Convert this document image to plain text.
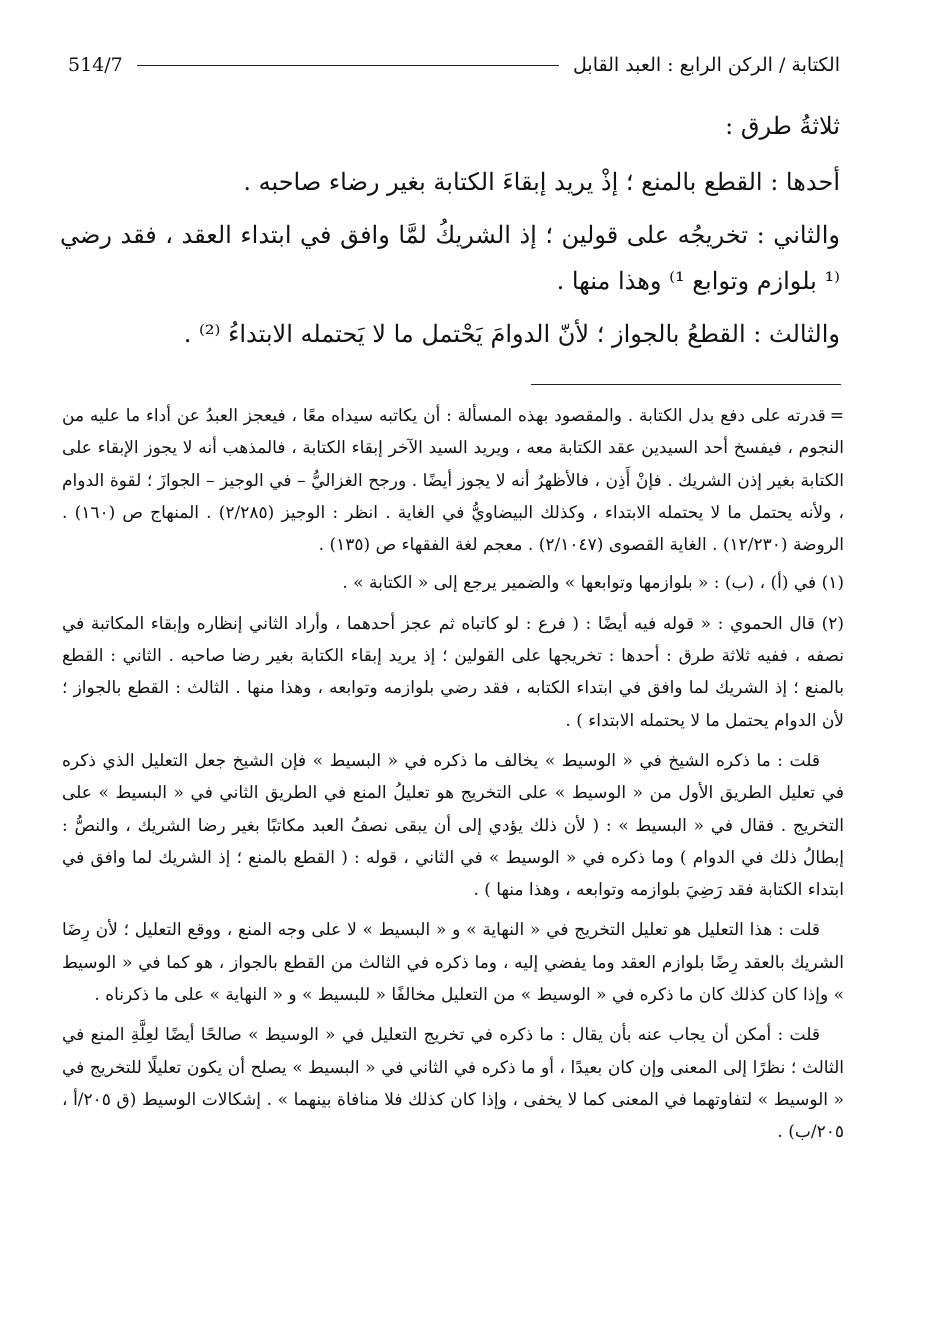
الكتابة / الركن الرابع : العبد القابل
514/7

ثلاثةُ طرق :

أحدها : القطع بالمنع ؛ إذْ يريد إبقاءَ الكتابة بغير رضاء صاحبه .

والثاني : تخريجُه على قولين ؛ إذ الشريكُ لمَّا وافق في ابتداء العقد ، فقد رضي ⁽¹ بلوازم وتوابع ¹⁾ وهذا منها .

والثالث : القطعُ بالجواز ؛ لأنّ الدوامَ يَحْتمل ما لا يَحتمله الابتداءُ ⁽²⁾ .

=قدرته على دفع بدل الكتابة . والمقصود بهذه المسألة : أن يكاتبه سيداه معًا ، فيعجز العبدُ عن أداء ما عليه من النجوم ، فيفسخ أحد السيدين عقد الكتابة معه ، ويريد السيد الآخر إبقاء الكتابة ، فالمذهب أنه لا يجوز الإبقاء على الكتابة بغير إذن الشريك . فإنْ أَذِن ، فالأظهرُ أنه لا يجوز أيضًا . ورجح الغزاليُّ – في الوجيز – الجوازَ ؛ لقوة الدوام ، ولأنه يحتمل ما لا يحتمله الابتداء ، وكذلك البيضاويُّ في الغاية . انظر : الوجيز (٢/٢٨٥) . المنهاج ص (١٦٠) . الروضة (١٢/٢٣٠) . الغاية القصوى (٢/١٠٤٧) . معجم لغة الفقهاء ص (١٣٥) .

(١) في (أ) ، (ب) : « بلوازمها وتوابعها » والضمير يرجع إلى « الكتابة » .

(٢) قال الحموي : « قوله فيه أيضًا : ( فرع : لو كاتباه ثم عجز أحدهما ، وأراد الثاني إنظاره وإبقاء المكاتبة في نصفه ، ففيه ثلاثة طرق : أحدها : تخريجها على القولين ؛ إذ يريد إبقاء الكتابة بغير رضا صاحبه . الثاني : القطع بالمنع ؛ إذ الشريك لما وافق في ابتداء الكتابه ، فقد رضي بلوازمه وتوابعه ، وهذا منها . الثالث : القطع بالجواز ؛ لأن الدوام يحتمل ما لا يحتمله الابتداء ) .

قلت : ما ذكره الشيخ في « الوسيط » يخالف ما ذكره في « البسيط » فإن الشيخ جعل التعليل الذي ذكره في تعليل الطريق الأول من « الوسيط » على التخريج هو تعليلُ المنع في الطريق الثاني في « البسيط » على التخريج . فقال في « البسيط » : ( لأن ذلك يؤدي إلى أن يبقى نصفُ العبد مكاتبًا بغير رضا الشريك ، والنصُّ : إبطالُ ذلك في الدوام ) وما ذكره في « الوسيط » في الثاني ، قوله : ( القطع بالمنع ؛ إذ الشريك لما وافق في ابتداء الكتابة فقد رَضِيَ بلوازمه وتوابعه ، وهذا منها ) .

قلت : هذا التعليل هو تعليل التخريج في « النهاية » و « البسيط » لا على وجه المنع ، ووقع التعليل ؛ لأن رِضَا الشريك بالعقد رِضًا بلوازم العقد وما يفضي إليه ، وما ذكره في الثالث من القطع بالجواز ، هو كما في « الوسيط » وإذا كان كذلك كان ما ذكره في « الوسيط » من التعليل مخالفًا « للبسيط » و « النهاية » على ما ذكرناه .

قلت : أمكن أن يجاب عنه بأن يقال : ما ذكره في تخريج التعليل في « الوسيط » صالحًا أيضًا لعِلَّةِ المنع في الثالث ؛ نظرًا إلى المعنى وإن كان بعيدًا ، أو ما ذكره في الثاني في « البسيط » يصلح أن يكون تعليلًا للتخريج في « الوسيط » لتفاوتهما في المعنى كما لا يخفى ، وإذا كان كذلك فلا منافاة بينهما » . إشكالات الوسيط (ق ٢٠٥/أ ، ٢٠٥/ب) .
